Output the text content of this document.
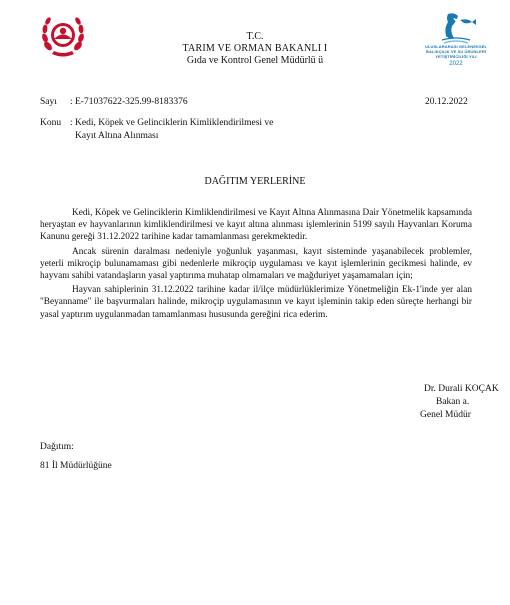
ULUSLARARASI GELENEKSEL BALIKÇILIK VE SU ÜRÜNLERİ YETİŞTİRİCİLİĞİ YILI
2022
T.C.
TARIM VE ORMAN BAKANLI I
Gıda ve Kontrol Genel Müdürlü ü
Sayı : E-71037622-325.99-8183376	20.12.2022
Konu : Kedi, Köpek ve Gelinciklerin Kimliklendirilmesi ve Kayıt Altına Alınması
DAĞITIM YERLERİNE

Kedi, Köpek ve Gelinciklerin Kimliklendirilmesi ve Kayıt Altına Alınmasına Dair Yönetmelik kapsamında heryaştan ev hayvanlarının kimliklendirilmesi ve kayıt altına alınması işlemlerinin 5199 sayılı Hayvanları Koruma Kanunu gereği 31.12.2022 tarihine kadar tamamlanması gerekmektedir.

Ancak sürenin daralması nedeniyle yoğunluk yaşanması, kayıt sisteminde yaşanabilecek problemler, yeterli mikroçip bulunamaması gibi nedenlerle mikroçip uygulaması ve kayıt işlemlerinin gecikmesi halinde, ev hayvanı sahibi vatandaşların yasal yaptırıma muhatap olmamaları ve mağduriyet yaşamamaları için;

Hayvan sahiplerinin 31.12.2022 tarihine kadar il/ilçe müdürlüklerimize Yönetmeliğin Ek-1'inde yer alan "Beyanname" ile başvurmaları halinde, mikroçip uygulamasının ve kayıt işleminin takip eden süreçte herhangi bir yasal yaptırım uygulanmadan tamamlanması hususunda gereğini rica ederim.

Dr. Durali KOÇAK
Bakan a.
Genel Müdür
Dağıtım:
81 İl Müdürlüğüne
